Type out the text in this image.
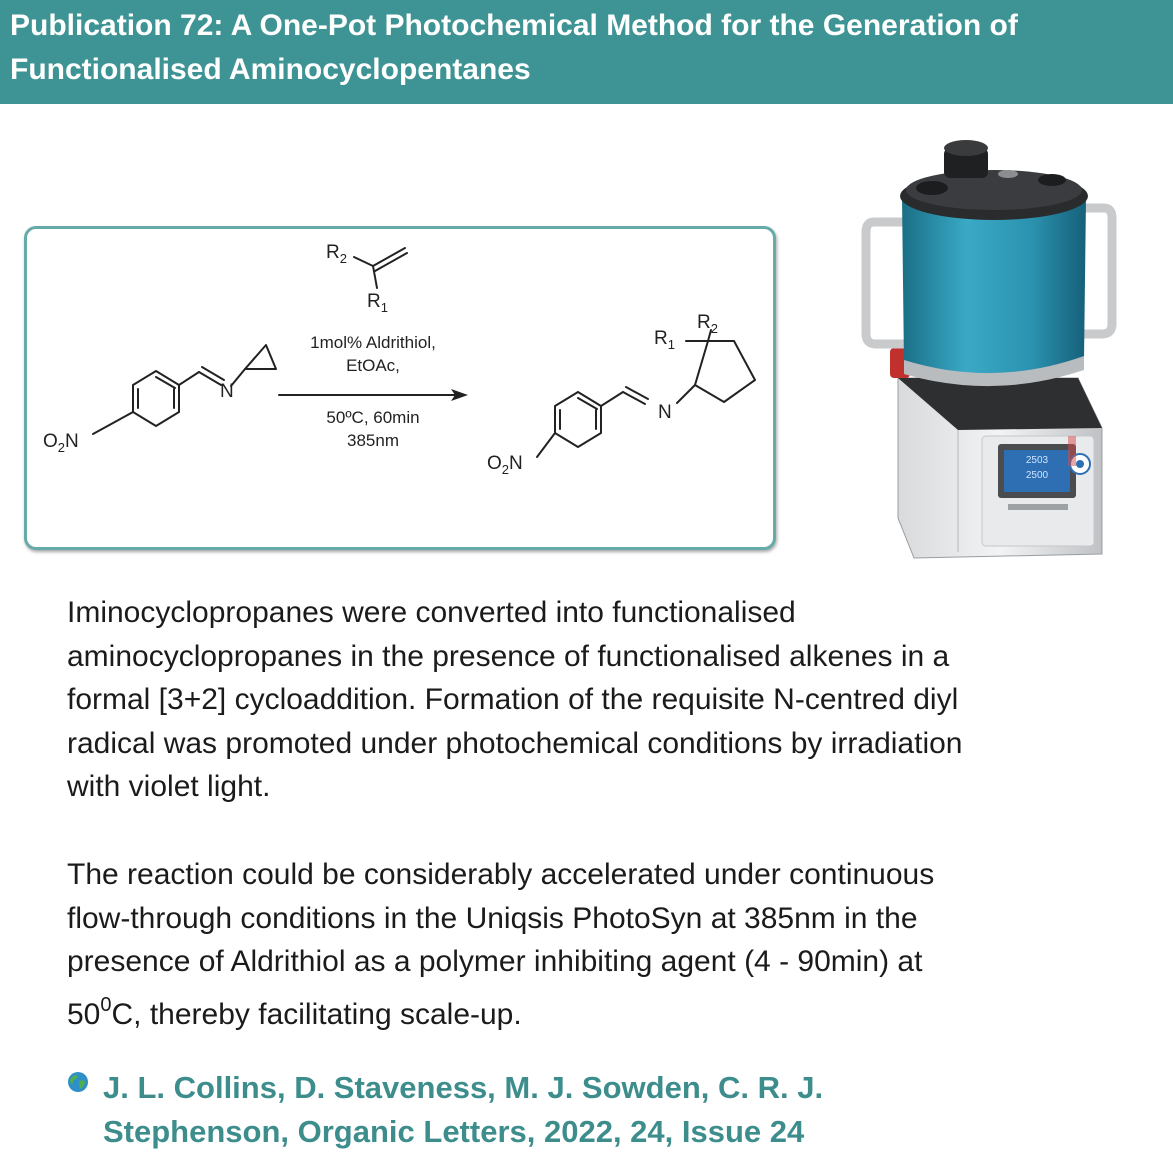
Publication 72: A One-Pot Photochemical Method for the Generation of
Functionalised Aminocyclopentanes
$R_2$
$R_1$
1mol% Aldrithiol,
EtOAc,
50ºC, 60min
385nm
$O_2N$
N
$O_2N$
N
$R_1$
$R_2$
2503
2500

Iminocyclopropanes were converted into functionalised
aminocyclopropanes in the presence of functionalised alkenes in a
formal [3+2] cycloaddition. Formation of the requisite N-centred diyl
radical was promoted under photochemical conditions by irradiation
with violet light.

The reaction could be considerably accelerated under continuous
flow-through conditions in the Uniqsis PhotoSyn at 385nm in the
presence of Aldrithiol as a polymer inhibiting agent (4 - 90min) at
$50^0C$, thereby facilitating scale-up.

J. L. Collins, D. Staveness, M. J. Sowden, C. R. J.
Stephenson, Organic Letters, 2022, 24, Issue 24
